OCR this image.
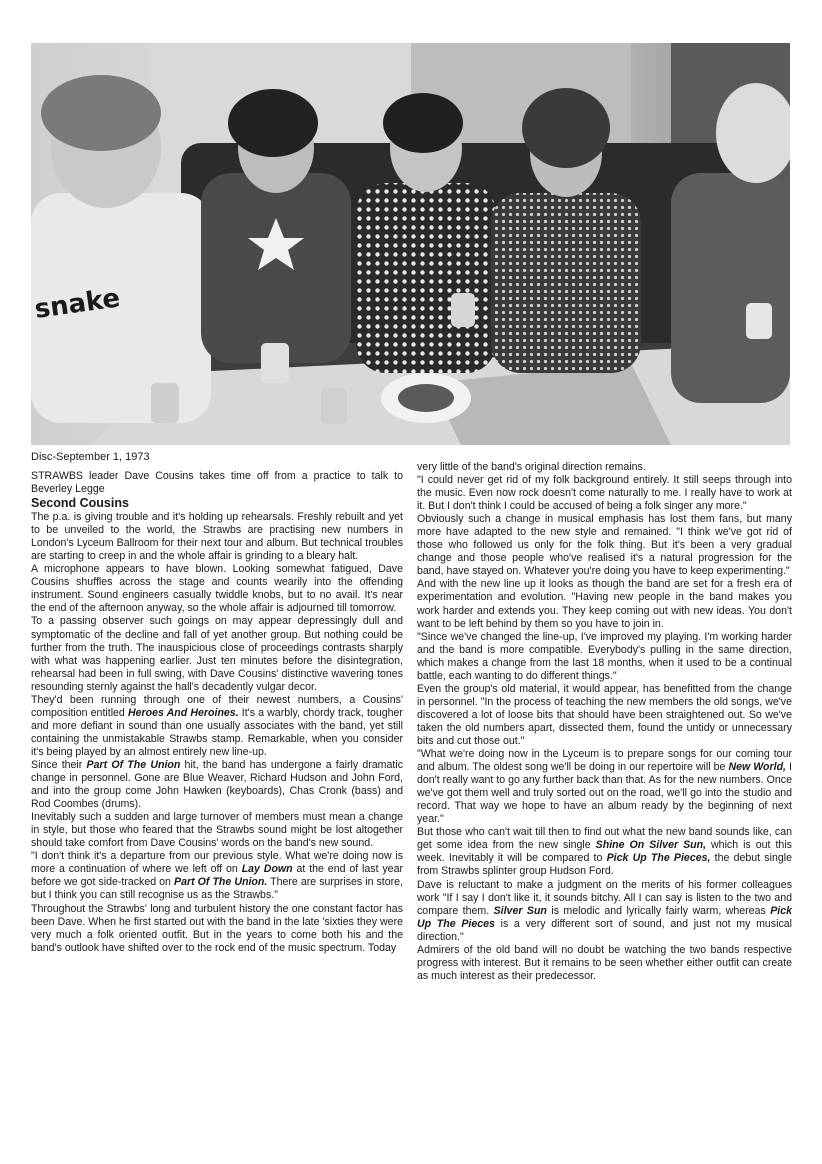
snake
Disc-September 1, 1973

STRAWBS leader Dave Cousins takes time off from a practice to talk to Beverley Legge

Second Cousins

The p.a. is giving trouble and it's holding up rehearsals. Freshly rebuilt and yet to be unveiled to the world, the Strawbs are practising new numbers in London's Lyceum Ballroom for their next tour and album. But technical troubles are starting to creep in and the whole affair is grinding to a bleary halt.

A microphone appears to have blown. Looking somewhat fatigued, Dave Cousins shuffles across the stage and counts wearily into the offending instrument. Sound engineers casually twiddle knobs, but to no avail. It's near the end of the afternoon anyway, so the whole affair is adjourned till tomorrow.

To a passing observer such goings on may appear depressingly dull and symptomatic of the decline and fall of yet another group. But nothing could be further from the truth. The inauspicious close of proceedings contrasts sharply with what was happening earlier. Just ten minutes before the disintegration, rehearsal had been in full swing, with Dave Cousins' distinctive wavering tones resounding sternly against the hall's decadently vulgar decor.

They'd been running through one of their newest numbers, a Cousins' composition entitled Heroes And Heroines. It's a warbly, chordy track, tougher and more defiant in sound than one usually associates with the band, yet still containing the unmistakable Strawbs stamp. Remarkable, when you consider it's being played by an almost entirely new line-up.

Since their Part Of The Union hit, the band has undergone a fairly dramatic change in personnel. Gone are Blue Weaver, Richard Hudson and John Ford, and into the group come John Hawken (keyboards), Chas Cronk (bass) and Rod Coombes (drums).

Inevitably such a sudden and large turnover of members must mean a change in style, but those who feared that the Strawbs sound might be lost altogether should take comfort from Dave Cousins' words on the band's new sound.

"I don't think it's a departure from our previous style. What we're doing now is more a continuation of where we left off on Lay Down at the end of last year before we got side-tracked on Part Of The Union. There are surprises in store, but I think you can still recognise us as the Strawbs."

Throughout the Strawbs' long and turbulent history the one constant factor has been Dave. When he first started out with the band in the late 'sixties they were very much a folk oriented outfit. But in the years to come both his and the band's outlook have shifted over to the rock end of the music spectrum. Today

very little of the band's original direction remains.

"I could never get rid of my folk background entirely. It still seeps through into the music. Even now rock doesn't come naturally to me. I really have to work at it. But I don't think I could be accused of being a folk singer any more."

Obviously such a change in musical emphasis has lost them fans, but many more have adapted to the new style and remained. "I think we've got rid of those who followed us only for the folk thing. But it's been a very gradual change and those people who've realised it's a natural progression for the band, have stayed on. Whatever you're doing you have to keep experimenting."

And with the new line up it looks as though the band are set for a fresh era of experimentation and evolution. "Having new people in the band makes you work harder and extends you. They keep coming out with new ideas. You don't want to be left behind by them so you have to join in.

"Since we've changed the line-up, I've improved my playing. I'm working harder and the band is more compatible. Everybody's pulling in the same direction, which makes a change from the last 18 months, when it used to be a continual battle, each wanting to do different things."

Even the group's old material, it would appear, has benefitted from the change in personnel. "In the process of teaching the new members the old songs, we've discovered a lot of loose bits that should have been straightened out. So we've taken the old numbers apart, dissected them, found the untidy or unnecessary bits and cut those out."

"What we're doing now in the Lyceum is to prepare songs for our coming tour and album. The oldest song we'll be doing in our repertoire will be New World, I don't really want to go any further back than that. As for the new numbers. Once we've got them well and truly sorted out on the road, we'll go into the studio and record. That way we hope to have an album ready by the beginning of next year."

But those who can't wait till then to find out what the new band sounds like, can get some idea from the new single Shine On Silver Sun, which is out this week. Inevitably it will be compared to Pick Up The Pieces, the debut single from Strawbs splinter group Hudson Ford.

Dave is reluctant to make a judgment on the merits of his former colleagues work "If I say I don't like it, it sounds bitchy. All I can say is listen to the two and compare them. Silver Sun is melodic and lyrically fairly warm, whereas Pick Up The Pieces is a very different sort of sound, and just not my musical direction."

Admirers of the old band will no doubt be watching the two bands respective progress with interest. But it remains to be seen whether either outfit can create as much interest as their predecessor.
